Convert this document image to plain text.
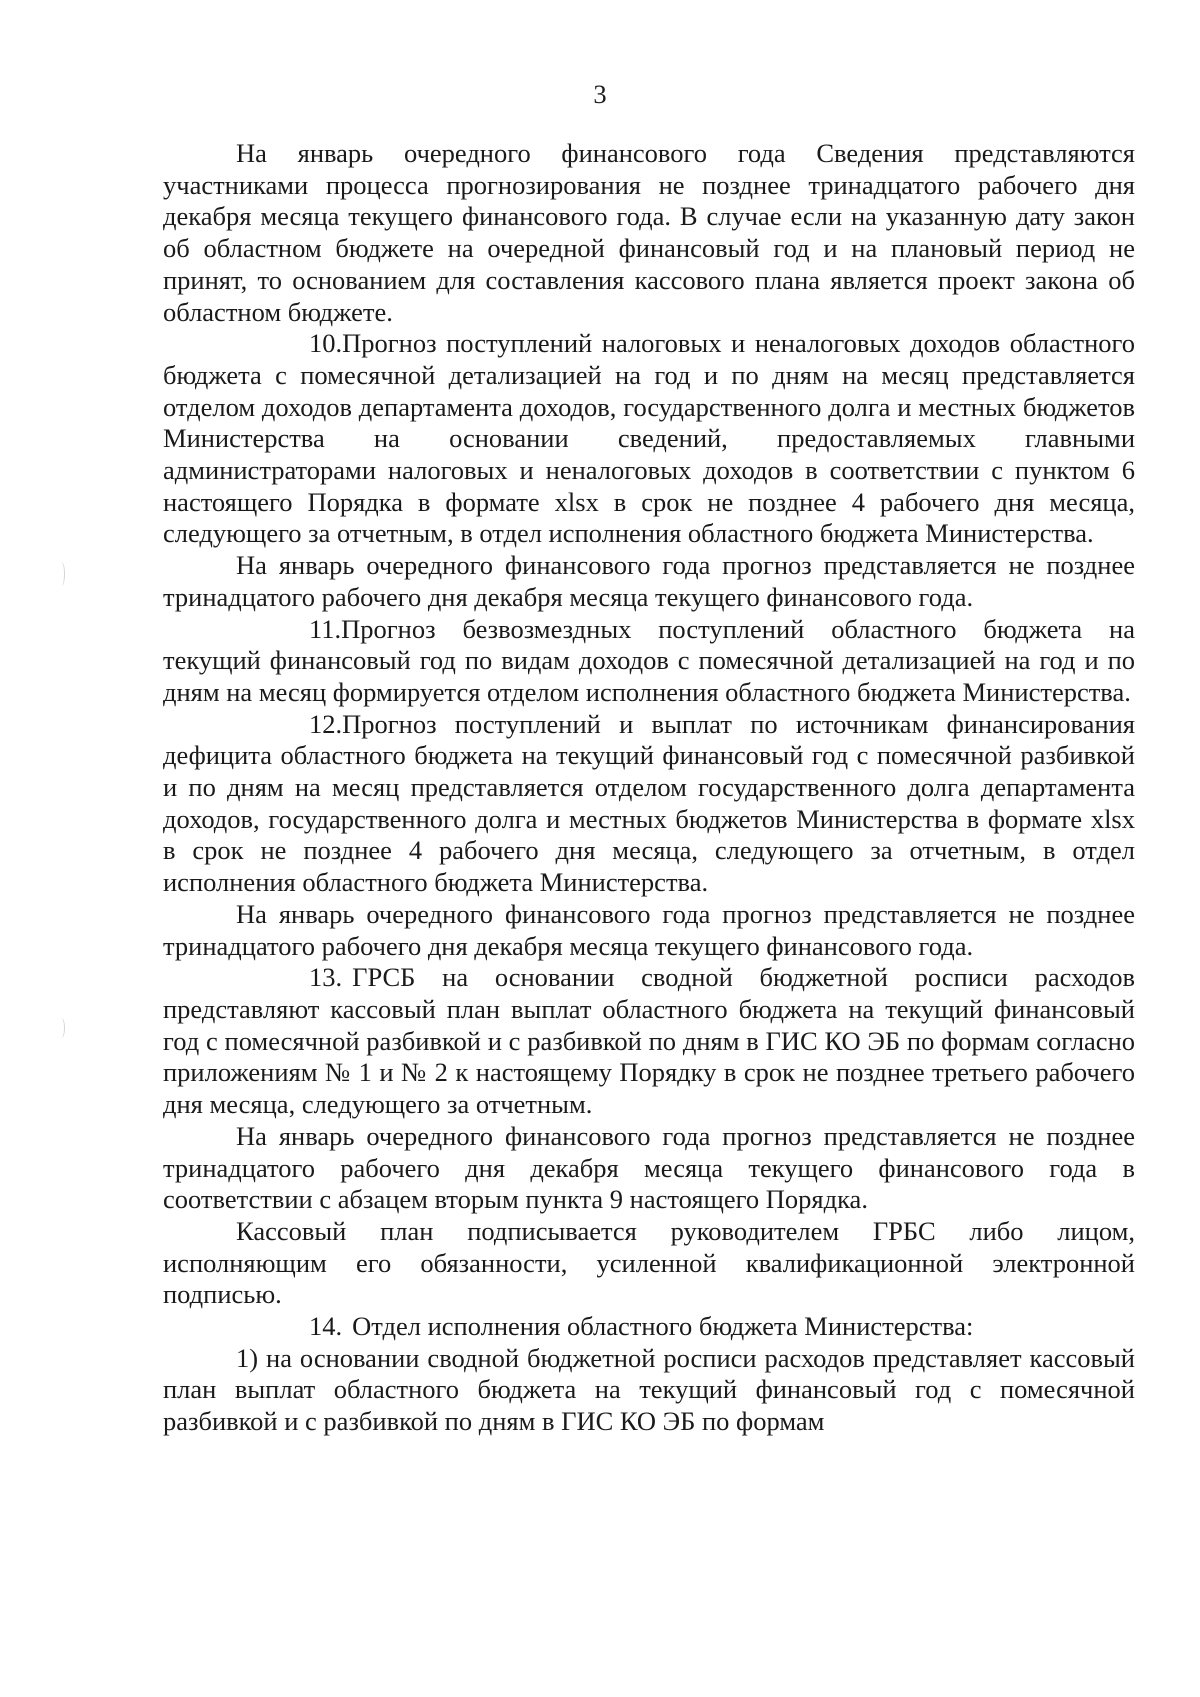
3

На январь очередного финансового года Сведения представляются участниками процесса прогнозирования не позднее тринадцатого рабочего дня декабря месяца текущего финансового года. В случае если на указанную дату закон об областном бюджете на очередной финансовый год и на плановый период не принят, то основанием для составления кассового плана является проект закона об областном бюджете.

10.Прогноз поступлений налоговых и неналоговых доходов областного бюджета с помесячной детализацией на год и по дням на месяц представляется отделом доходов департамента доходов, государственного долга и местных бюджетов Министерства на основании сведений, предоставляемых главными администраторами налоговых и неналоговых доходов в соответствии с пунктом 6 настоящего Порядка в формате xlsx в срок не позднее 4 рабочего дня месяца, следующего за отчетным, в отдел исполнения областного бюджета Министерства.

На январь очередного финансового года прогноз представляется не позднее тринадцатого рабочего дня декабря месяца текущего финансового года.

11.Прогноз безвозмездных поступлений областного бюджета на текущий финансовый год по видам доходов с помесячной детализацией на год и по дням на месяц формируется отделом исполнения областного бюджета Министерства.

12.Прогноз поступлений и выплат по источникам финансирования дефицита областного бюджета на текущий финансовый год с помесячной разбивкой и по дням на месяц представляется отделом государственного долга департамента доходов, государственного долга и местных бюджетов Министерства в формате xlsx в срок не позднее 4 рабочего дня месяца, следующего за отчетным, в отдел исполнения областного бюджета Министерства.

На январь очередного финансового года прогноз представляется не позднее тринадцатого рабочего дня декабря месяца текущего финансового года.

13. ГРСБ на основании сводной бюджетной росписи расходов представляют кассовый план выплат областного бюджета на текущий финансовый год с помесячной разбивкой и с разбивкой по дням в ГИС КО ЭБ по формам согласно приложениям № 1 и № 2 к настоящему Порядку в срок не позднее третьего рабочего дня месяца, следующего за отчетным.

На январь очередного финансового года прогноз представляется не позднее тринадцатого рабочего дня декабря месяца текущего финансового года в соответствии с абзацем вторым пункта 9 настоящего Порядка.

Кассовый план подписывается руководителем ГРБС либо лицом, исполняющим его обязанности, усиленной квалификационной электронной подписью.

14. Отдел исполнения областного бюджета Министерства:

1) на основании сводной бюджетной росписи расходов представляет кассовый план выплат областного бюджета на текущий финансовый год с помесячной разбивкой и с разбивкой по дням в ГИС КО ЭБ по формам
